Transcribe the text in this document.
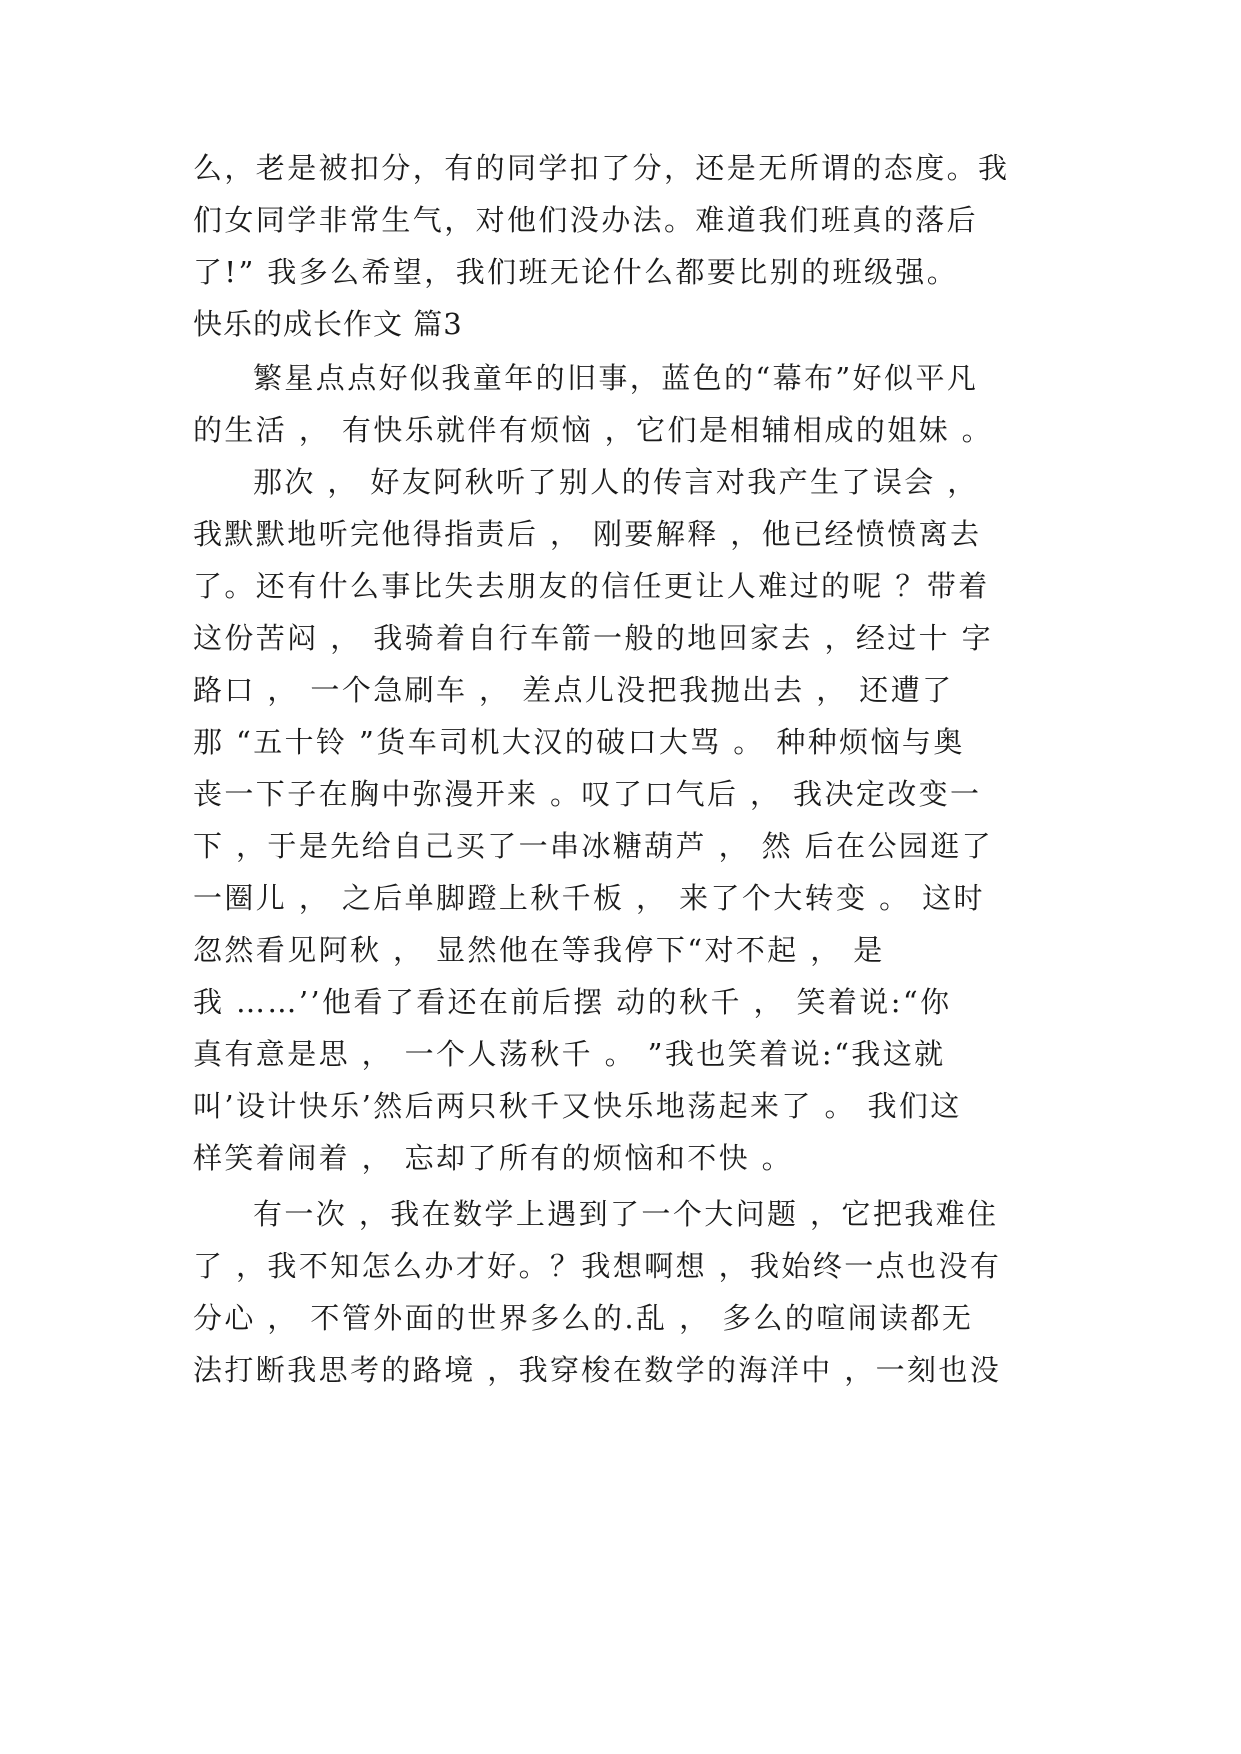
么，老是被扣分，有的同学扣了分，还是无所谓的态度。我
们女同学非常生气，对他们没办法。难道我们班真的落后
了!” 我多么希望，我们班无论什么都要比别的班级强。
快乐的成长作文 篇3
繁星点点好似我童年的旧事，蓝色的“幕布”好似平凡
的生活 ， 有快乐就伴有烦恼 ，它们是相辅相成的姐妹 。
那次 ， 好友阿秋听了别人的传言对我产生了误会 ，
我默默地听完他得指责后 ， 刚要解释 ，他已经愤愤离去
了。还有什么事比失去朋友的信任更让人难过的呢 ？带着
这份苦闷 ， 我骑着自行车箭一般的地回家去 ，经过十 字
路口 ， 一个急刷车 ， 差点儿没把我抛出去 ， 还遭了
那 “五十铃 ”货车司机大汉的破口大骂 。 种种烦恼与奥
丧一下子在胸中弥漫开来 。叹了口气后 ， 我决定改变一
下 ，于是先给自己买了一串冰糖葫芦 ， 然 后在公园逛了
一圈儿 ， 之后单脚蹬上秋千板 ， 来了个大转变 。 这时
忽然看见阿秋 ， 显然他在等我停下“对不起 ， 是
我 ……’’他看了看还在前后摆 动的秋千 ， 笑着说:“你
真有意是思 ， 一个人荡秋千 。 ”我也笑着说:“我这就
叫’设计快乐’然后两只秋千又快乐地荡起来了 。 我们这
样笑着闹着 ， 忘却了所有的烦恼和不快 。
有一次 ，我在数学上遇到了一个大问题 ，它把我难住
了 ，我不知怎么办才好。？我想啊想 ，我始终一点也没有
分心 ， 不管外面的世界多么的.乱 ， 多么的喧闹读都无
法打断我思考的路境 ，我穿梭在数学的海洋中 ，一刻也没
